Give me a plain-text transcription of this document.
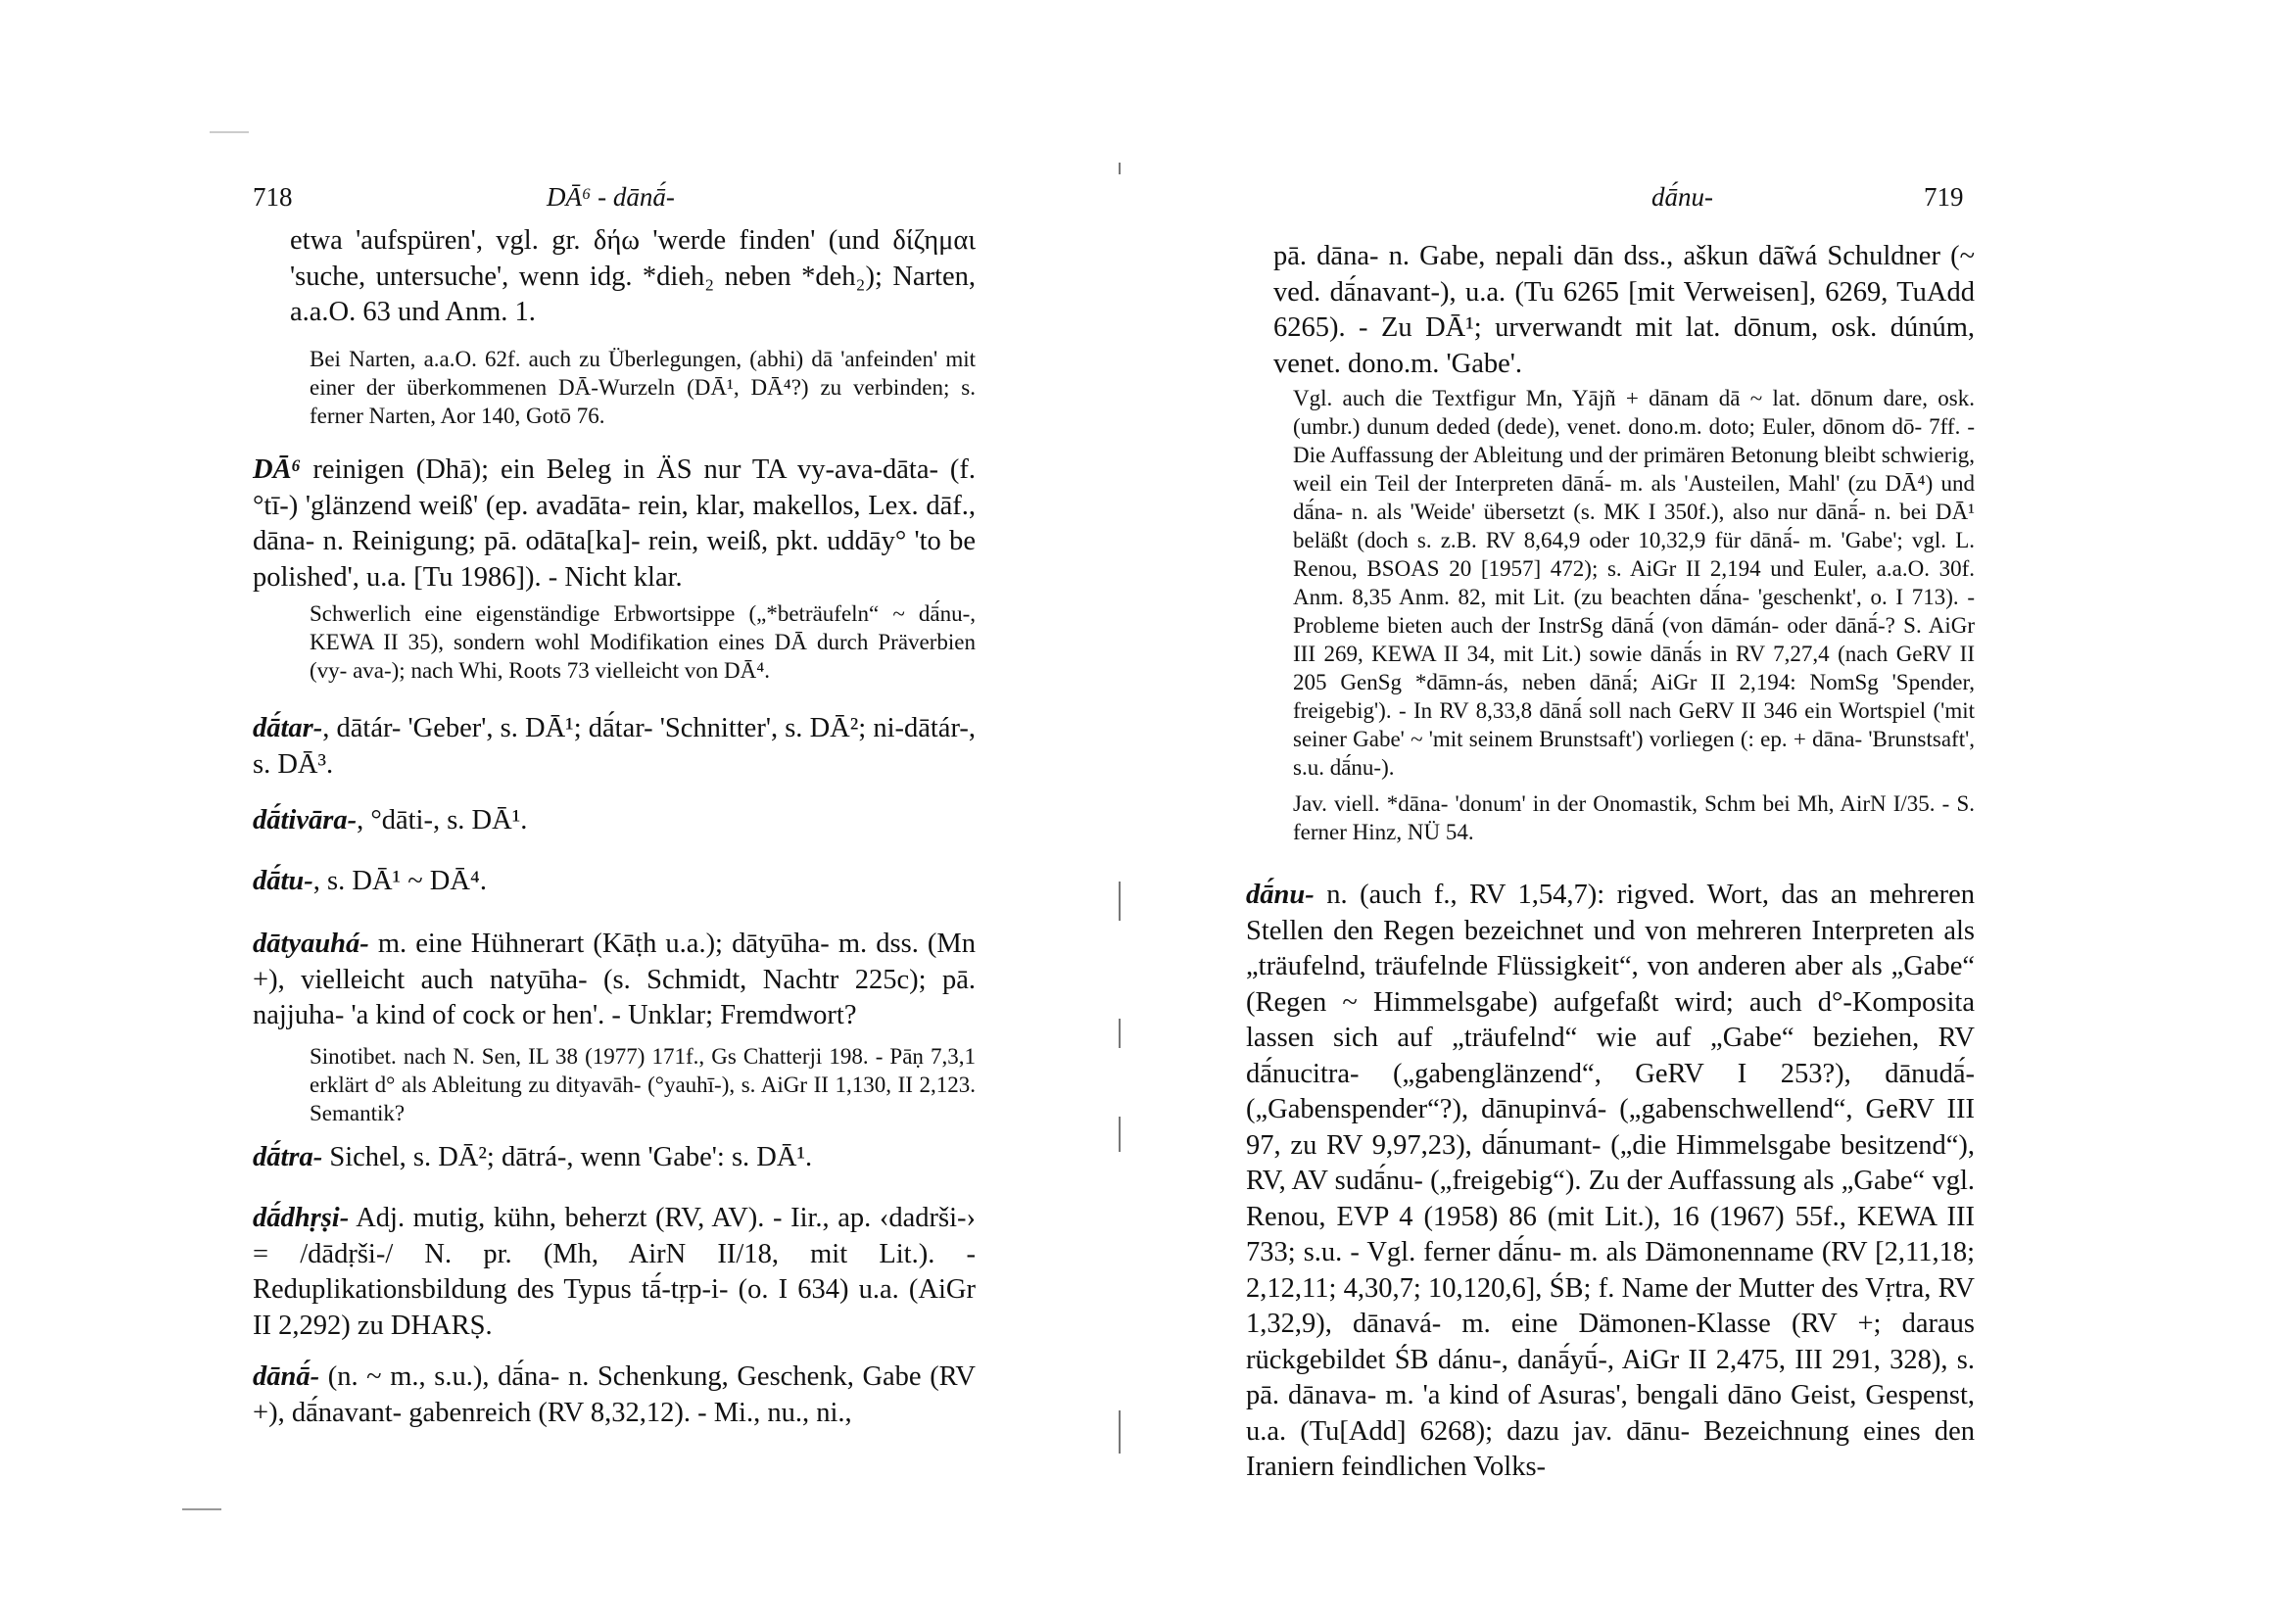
718	DĀ⁶ - dānā́-
etwa 'aufspüren', vgl. gr. δήω 'werde finden' (und δίζημαι 'suche, untersuche', wenn idg. *dieh₂ neben *deh₂); Narten, a.a.O. 63 und Anm. 1.
Bei Narten, a.a.O. 62f. auch zu Überlegungen, (abhi) dā 'anfeinden' mit einer der überkommenen DĀ-Wurzeln (DĀ¹, DĀ⁴?) zu verbinden; s. ferner Narten, Aor 140, Gotō 76.
DĀ⁶ reinigen (Dhā); ein Beleg in ÄS nur TA vy-ava-dāta- (f. °tī-) 'glänzend weiß' (ep. avadāta- rein, klar, makellos, Lex. dāf., dāna- n. Reinigung; pā. odāta[ka]- rein, weiß, pkt. uddāy° 'to be polished', u.a. [Tu 1986]). - Nicht klar.
Schwerlich eine eigenständige Erbwortsippe („*beträufeln“ ~ dā́nu-, KEWA II 35), sondern wohl Modifikation eines DĀ durch Präverbien (vy- ava-); nach Whi, Roots 73 vielleicht von DĀ⁴.
dā́tar-, dātár- 'Geber', s. DĀ¹; dā́tar- 'Schnitter', s. DĀ²; ni-dātár-, s. DĀ³.
dā́tivāra-, °dāti-, s. DĀ¹.
dā́tu-, s. DĀ¹ ~ DĀ⁴.
dātyauhá- m. eine Hühnerart (Kāṭh u.a.); dātyūha- m. dss. (Mn +), vielleicht auch natyūha- (s. Schmidt, Nachtr 225c); pā. najjuha- 'a kind of cock or hen'. - Unklar; Fremdwort?
Sinotibet. nach N. Sen, IL 38 (1977) 171f., Gs Chatterji 198. - Pāṇ 7,3,1 erklärt d° als Ableitung zu dityavāh- (°yauhī-), s. AiGr II 1,130, II 2,123. Semantik?
dā́tra- Sichel, s. DĀ²; dātrá-, wenn 'Gabe': s. DĀ¹.
dā́dhṛṣi- Adj. mutig, kühn, beherzt (RV, AV). - Iir., ap. ‹dadrši-› = /dādṛši-/ N. pr. (Mh, AirN II/18, mit Lit.). - Reduplikationsbildung des Typus tā́-tṛp-i- (o. I 634) u.a. (AiGr II 2,292) zu DHARṢ.
dānā́- (n. ~ m., s.u.), dā́na- n. Schenkung, Geschenk, Gabe (RV +), dā́navant- gabenreich (RV 8,32,12). - Mi., nu., ni.,
dā́nu-	719
pā. dāna- n. Gabe, nepali dān dss., aškun dā̃wá Schuldner (~ ved. dā́navant-), u.a. (Tu 6265 [mit Verweisen], 6269, TuAdd 6265). - Zu DĀ¹; urverwandt mit lat. dōnum, osk. dúnúm, venet. dono.m. 'Gabe'.
Vgl. auch die Textfigur Mn, Yājñ + dānam dā ~ lat. dōnum dare, osk. (umbr.) dunum deded (dede), venet. dono.m. doto; Euler, dōnom dō- 7ff. - Die Auffassung der Ableitung und der primären Betonung bleibt schwierig, weil ein Teil der Interpreten dānā́- m. als 'Austeilen, Mahl' (zu DĀ⁴) und dā́na- n. als 'Weide' übersetzt (s. MK I 350f.), also nur dānā́- n. bei DĀ¹ beläßt (doch s. z.B. RV 8,64,9 oder 10,32,9 für dānā́- m. 'Gabe'; vgl. L. Renou, BSOAS 20 [1957] 472); s. AiGr II 2,194 und Euler, a.a.O. 30f. Anm. 8,35 Anm. 82, mit Lit. (zu beachten dā́na- 'geschenkt', o. I 713). - Probleme bieten auch der InstrSg dānā́ (von dāmán- oder dānā́-? S. AiGr III 269, KEWA II 34, mit Lit.) sowie dānā́s in RV 7,27,4 (nach GeRV II 205 GenSg *dāmn-ás, neben dānā́; AiGr II 2,194: NomSg 'Spender, freigebig'). - In RV 8,33,8 dānā́ soll nach GeRV II 346 ein Wortspiel ('mit seiner Gabe' ~ 'mit seinem Brunstsaft') vorliegen (: ep. + dāna- 'Brunstsaft', s.u. dā́nu-).
Jav. viell. *dāna- 'donum' in der Onomastik, Schm bei Mh, AirN I/35. - S. ferner Hinz, NÜ 54.
dā́nu- n. (auch f., RV 1,54,7): rigved. Wort, das an mehreren Stellen den Regen bezeichnet und von mehreren Interpreten als „träufelnd, träufelnde Flüssigkeit“, von anderen aber als „Gabe“ (Regen ~ Himmelsgabe) aufgefaßt wird; auch d°-Komposita lassen sich auf „träufelnd“ wie auf „Gabe“ beziehen, RV dā́nucitra- („gabenglänzend“, GeRV I 253?), dānudā́- („Gabenspender“?), dānupinvá- („gabenschwellend“, GeRV III 97, zu RV 9,97,23), dā́numant- („die Himmelsgabe besitzend“), RV, AV sudā́nu- („freigebig“). Zu der Auffassung als „Gabe“ vgl. Renou, EVP 4 (1958) 86 (mit Lit.), 16 (1967) 55f., KEWA III 733; s.u. - Vgl. ferner dā́nu- m. als Dämonenname (RV [2,11,18; 2,12,11; 4,30,7; 10,120,6], ŚB; f. Name der Mutter des Vṛtra, RV 1,32,9), dānavá- m. eine Dämonen-Klasse (RV +; daraus rückgebildet ŚB dánu-, danā́yū́-, AiGr II 2,475, III 291, 328), s. pā. dānava- m. 'a kind of Asuras', bengali dāno Geist, Gespenst, u.a. (Tu[Add] 6268); dazu jav. dānu- Bezeichnung eines den Iraniern feindlichen Volks-
